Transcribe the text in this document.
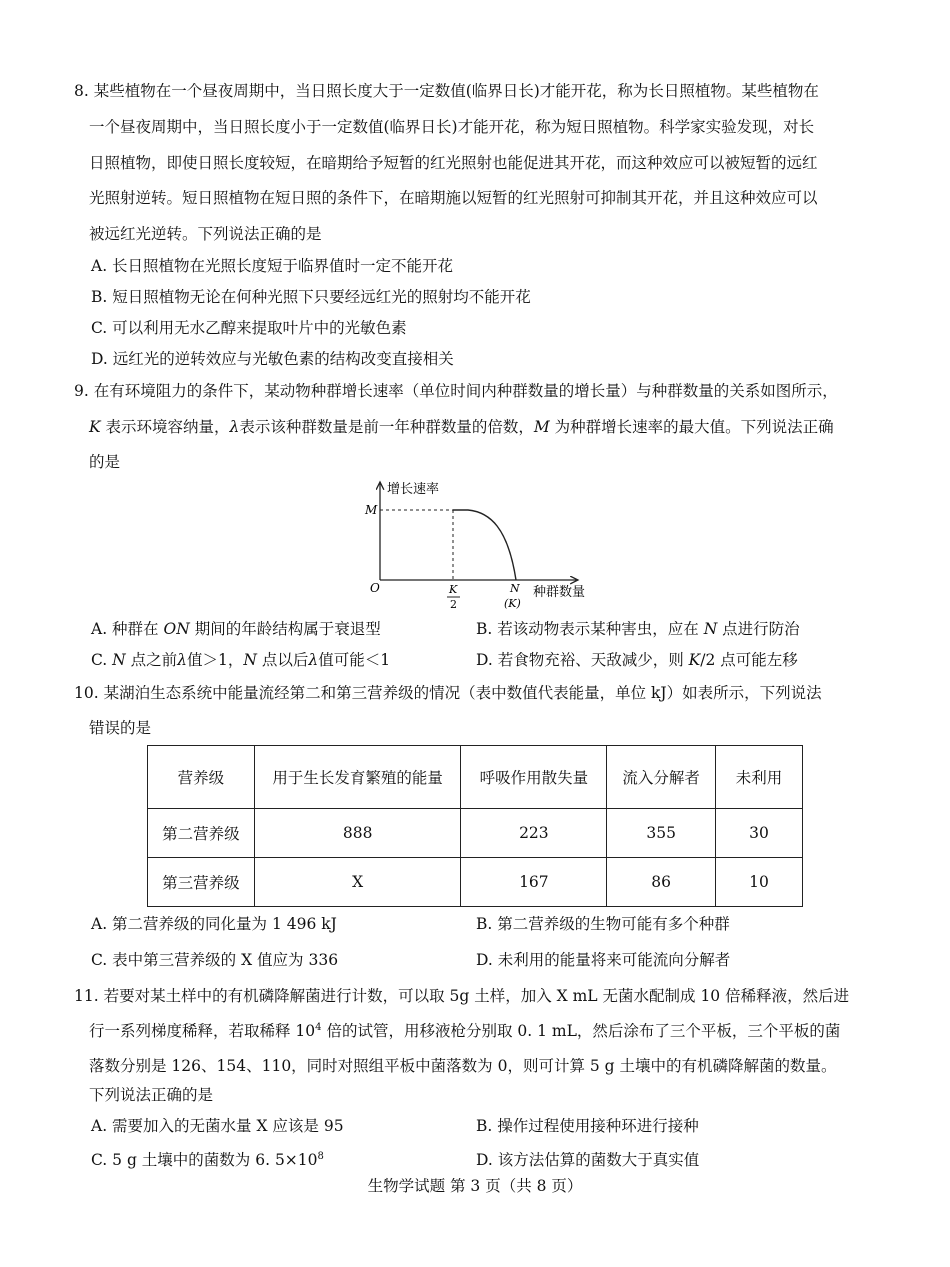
8. 某些植物在一个昼夜周期中，当日照长度大于一定数值(临界日长)才能开花，称为长日照植物。某些植物在
一个昼夜周期中，当日照长度小于一定数值(临界日长)才能开花，称为短日照植物。科学家实验发现，对长
日照植物，即使日照长度较短，在暗期给予短暂的红光照射也能促进其开花，而这种效应可以被短暂的远红
光照射逆转。短日照植物在短日照的条件下，在暗期施以短暂的红光照射可抑制其开花，并且这种效应可以
被远红光逆转。下列说法正确的是
A. 长日照植物在光照长度短于临界值时一定不能开花
B. 短日照植物无论在何种光照下只要经远红光的照射均不能开花
C. 可以利用无水乙醇来提取叶片中的光敏色素
D. 远红光的逆转效应与光敏色素的结构改变直接相关
9. 在有环境阻力的条件下，某动物种群增长速率（单位时间内种群数量的增长量）与种群数量的关系如图所示，
K 表示环境容纳量，λ表示该种群数量是前一年种群数量的倍数，M 为种群增长速率的最大值。下列说法正确
的是
增长速率
M
O	K
2
N
(K)
种群数量
A. 种群在 ON 期间的年龄结构属于衰退型	B. 若该动物表示某种害虫，应在 N 点进行防治
C. N 点之前λ值＞1，N 点以后λ值可能＜1	D. 若食物充裕、天敌减少，则 K/2 点可能左移
10. 某湖泊生态系统中能量流经第二和第三营养级的情况（表中数值代表能量，单位 kJ）如表所示，下列说法
错误的是
营养级	用于生长发育繁殖的能量	呼吸作用散失量	流入分解者	未利用
第二营养级	888	223	355	30
第三营养级	X	167	86	10
A. 第二营养级的同化量为 1 496 kJ	B. 第二营养级的生物可能有多个种群
C. 表中第三营养级的 X 值应为 336	D. 未利用的能量将来可能流向分解者
11. 若要对某土样中的有机磷降解菌进行计数，可以取 5g 土样，加入 X mL 无菌水配制成 10 倍稀释液，然后进
行一系列梯度稀释，若取稀释 $10^4$ 倍的试管，用移液枪分别取 0. 1 mL，然后涂布了三个平板，三个平板的菌
落数分别是 126、154、110，同时对照组平板中菌落数为 0，则可计算 5 g 土壤中的有机磷降解菌的数量。
下列说法正确的是
A. 需要加入的无菌水量 X 应该是 95	B. 操作过程使用接种环进行接种
C. 5 g 土壤中的菌数为 6. $5\times 10^8$	D. 该方法估算的菌数大于真实值
生物学试题 第 3 页（共 8 页）
